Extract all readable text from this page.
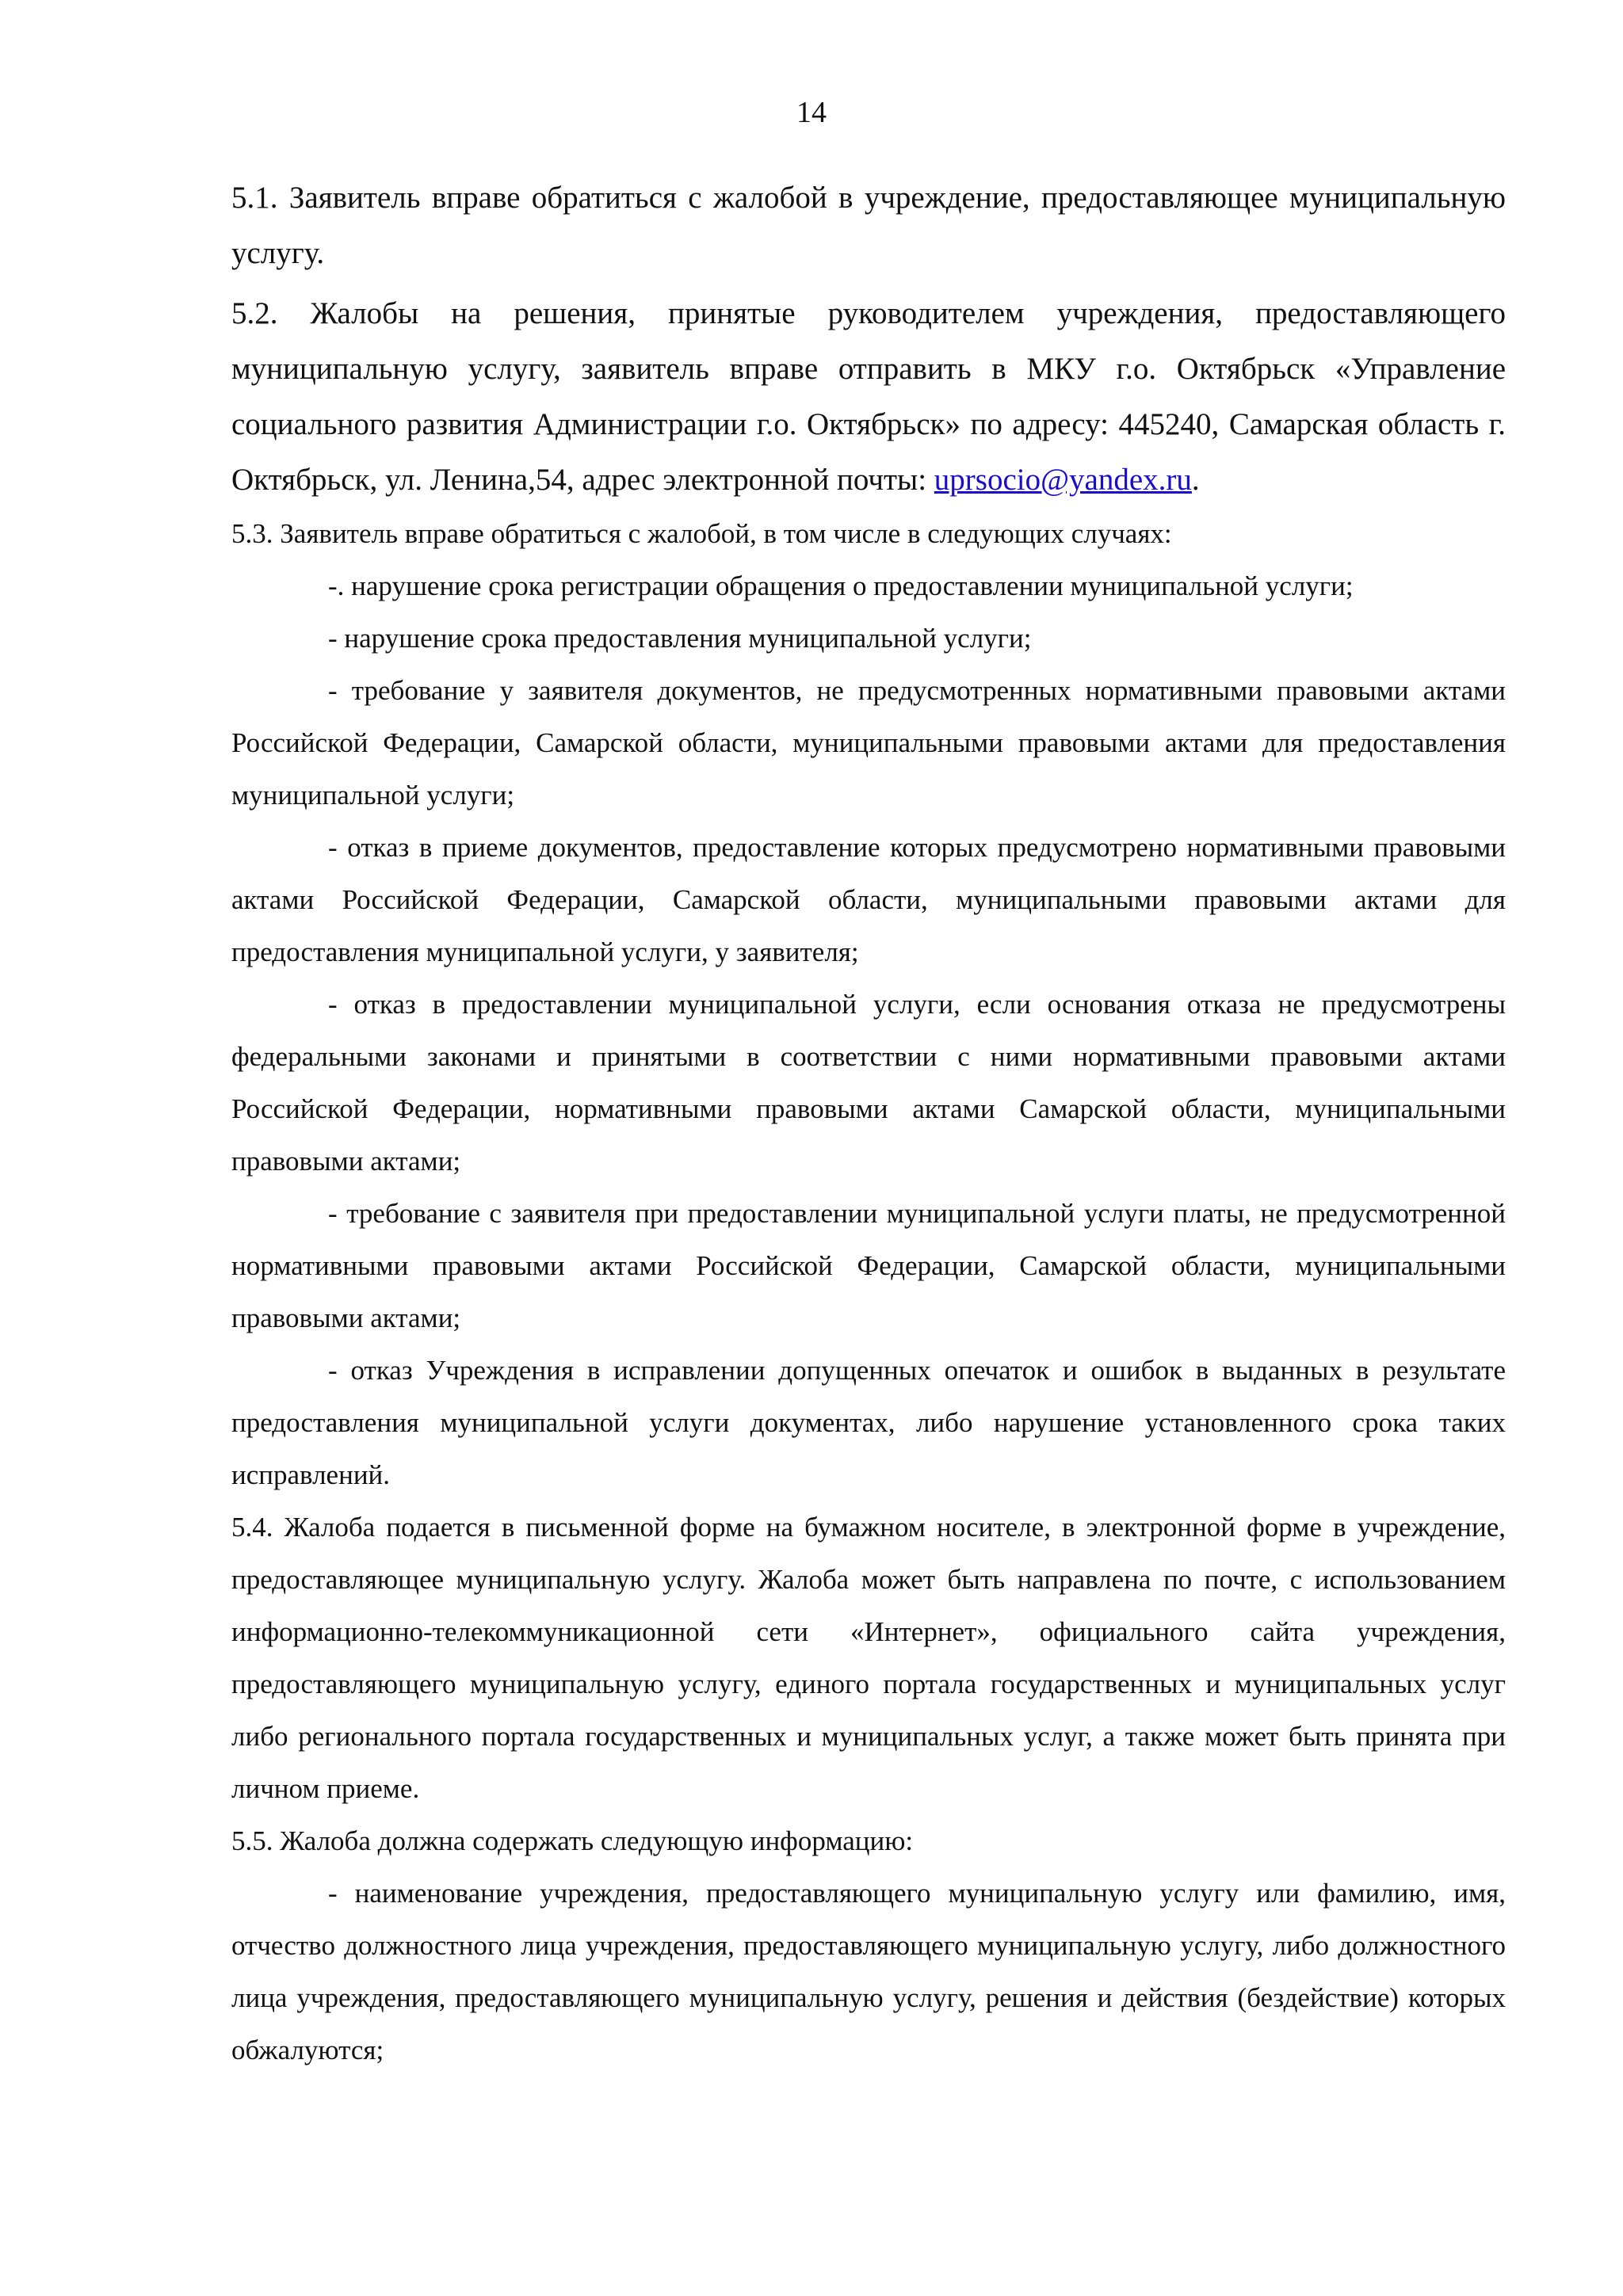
14

5.1. Заявитель вправе обратиться с жалобой в учреждение, предоставляющее муниципальную услугу.

5.2. Жалобы на решения, принятые руководителем учреждения, предоставляющего муниципальную услугу, заявитель вправе отправить в МКУ г.о. Октябрьск «Управление социального развития Администрации г.о. Октябрьск» по адресу: 445240, Самарская область г. Октябрьск, ул. Ленина,54, адрес электронной почты: uprsocio@yandex.ru.

5.3. Заявитель вправе обратиться с жалобой, в том числе в следующих случаях:

-. нарушение срока регистрации обращения о предоставлении муниципальной услуги;

- нарушение срока предоставления муниципальной услуги;

- требование у заявителя документов, не предусмотренных нормативными правовыми актами Российской Федерации, Самарской области, муниципальными правовыми актами для предоставления муниципальной услуги;

- отказ в приеме документов, предоставление которых предусмотрено нормативными правовыми актами Российской Федерации, Самарской области, муниципальными правовыми актами для предоставления муниципальной услуги, у заявителя;

- отказ в предоставлении муниципальной услуги, если основания отказа не предусмотрены федеральными законами и принятыми в соответствии с ними нормативными правовыми актами Российской Федерации, нормативными правовыми актами Самарской области, муниципальными правовыми актами;

- требование с заявителя при предоставлении муниципальной услуги платы, не предусмотренной нормативными правовыми актами Российской Федерации, Самарской области, муниципальными правовыми актами;

- отказ Учреждения в исправлении допущенных опечаток и ошибок в выданных в результате предоставления муниципальной услуги документах, либо нарушение установленного срока таких исправлений.

5.4. Жалоба подается в письменной форме на бумажном носителе, в электронной форме в учреждение, предоставляющее муниципальную услугу. Жалоба может быть направлена по почте, с использованием информационно-телекоммуникационной сети «Интернет», официального сайта учреждения, предоставляющего муниципальную услугу, единого портала государственных и муниципальных услуг либо регионального портала государственных и муниципальных услуг, а также может быть принята при личном приеме.

5.5. Жалоба должна содержать следующую информацию:

- наименование учреждения, предоставляющего муниципальную услугу или фамилию, имя, отчество должностного лица учреждения, предоставляющего муниципальную услугу, либо должностного лица учреждения, предоставляющего муниципальную услугу, решения и действия (бездействие) которых обжалуются;
